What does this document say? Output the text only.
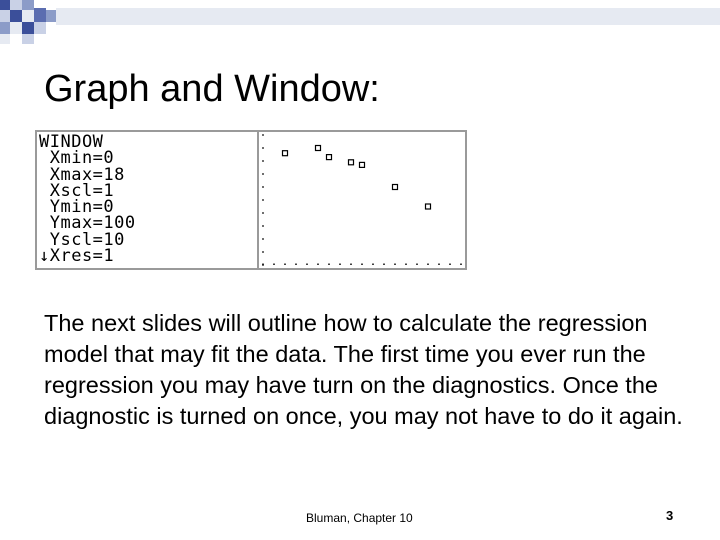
Graph and Window:
WINDOW
Xmin=0
Xmax=18
Xscl=1
Ymin=0
Ymax=100
Yscl=10
↓Xres=1
The next slides will outline how to calculate the regression model that may fit the data. The first time you ever run the regression you may have turn on the diagnostics. Once the diagnostic is turned on once, you may not have to do it again.
Bluman, Chapter 10	3
